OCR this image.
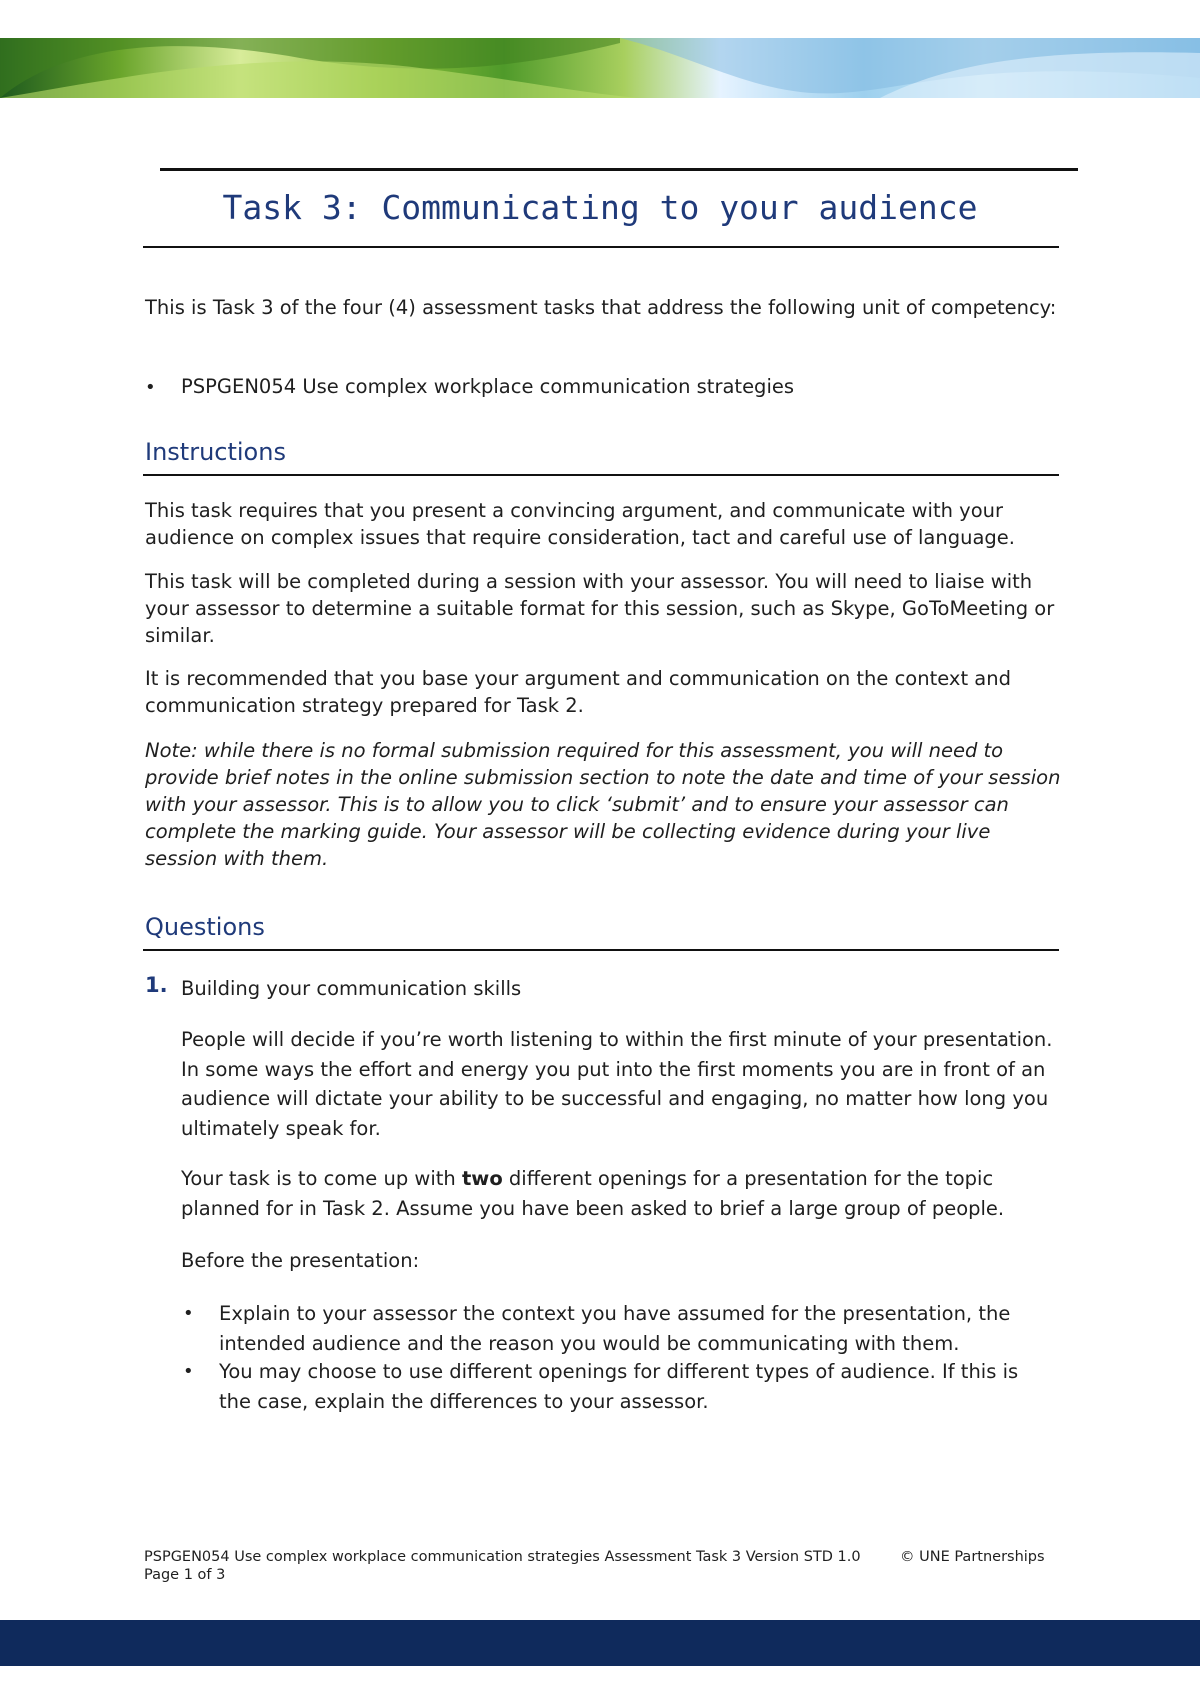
Task 3: Communicating to your audience

This is Task 3 of the four (4) assessment tasks that address the following unit of competency:

• PSPGEN054 Use complex workplace communication strategies

Instructions

This task requires that you present a convincing argument, and communicate with your audience on complex issues that require consideration, tact and careful use of language.

This task will be completed during a session with your assessor. You will need to liaise with your assessor to determine a suitable format for this session, such as Skype, GoToMeeting or similar.

It is recommended that you base your argument and communication on the context and communication strategy prepared for Task 2.

Note: while there is no formal submission required for this assessment, you will need to provide brief notes in the online submission section to note the date and time of your session with your assessor. This is to allow you to click ‘submit’ and to ensure your assessor can complete the marking guide. Your assessor will be collecting evidence during your live session with them.

Questions
1. Building your communication skills

People will decide if you’re worth listening to within the first minute of your presentation. In some ways the effort and energy you put into the first moments you are in front of an audience will dictate your ability to be successful and engaging, no matter how long you ultimately speak for.

Your task is to come up with two different openings for a presentation for the topic planned for in Task 2. Assume you have been asked to brief a large group of people.

Before the presentation:

• Explain to your assessor the context you have assumed for the presentation, the intended audience and the reason you would be communicating with them.

• You may choose to use different openings for different types of audience. If this is the case, explain the differences to your assessor.

PSPGEN054 Use complex workplace communication strategies Assessment Task 3 Version STD 1.0	© UNE Partnerships
Page 1 of 3
